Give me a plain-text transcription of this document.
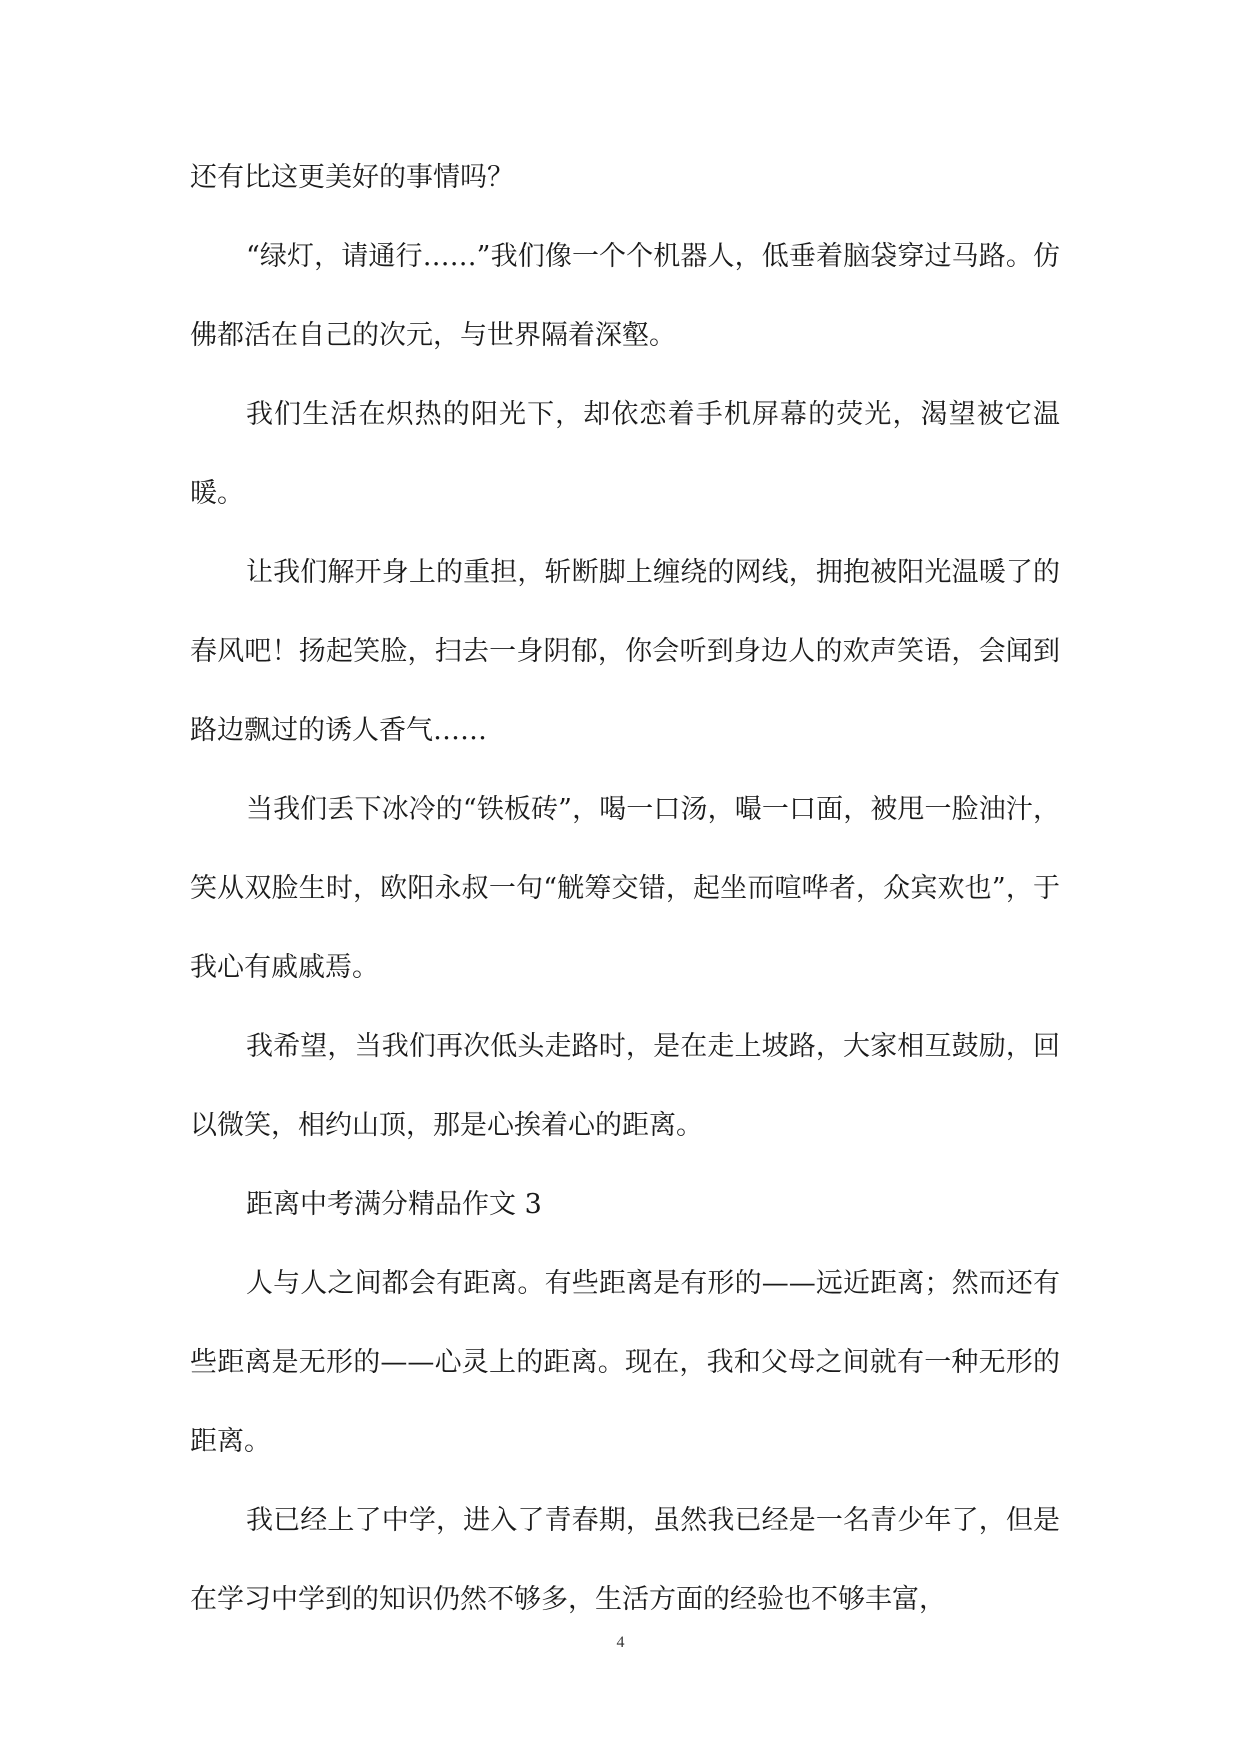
还有比这更美好的事情吗？

“绿灯，请通行……”我们像一个个机器人，低垂着脑袋穿过马路。仿佛都活在自己的次元，与世界隔着深壑。

我们生活在炽热的阳光下，却依恋着手机屏幕的荧光，渴望被它温暖。

让我们解开身上的重担，斩断脚上缠绕的网线，拥抱被阳光温暖了的春风吧！扬起笑脸，扫去一身阴郁，你会听到身边人的欢声笑语，会闻到路边飘过的诱人香气……

当我们丢下冰冷的“铁板砖”，喝一口汤，嘬一口面，被甩一脸油汁，笑从双脸生时，欧阳永叔一句“觥筹交错，起坐而喧哗者，众宾欢也”，于我心有戚戚焉。

我希望，当我们再次低头走路时，是在走上坡路，大家相互鼓励，回以微笑，相约山顶，那是心挨着心的距离。

距离中考满分精品作文 3

人与人之间都会有距离。有些距离是有形的——远近距离；然而还有些距离是无形的——心灵上的距离。现在，我和父母之间就有一种无形的距离。

我已经上了中学，进入了青春期，虽然我已经是一名青少年了，但是在学习中学到的知识仍然不够多，生活方面的经验也不够丰富，

4
